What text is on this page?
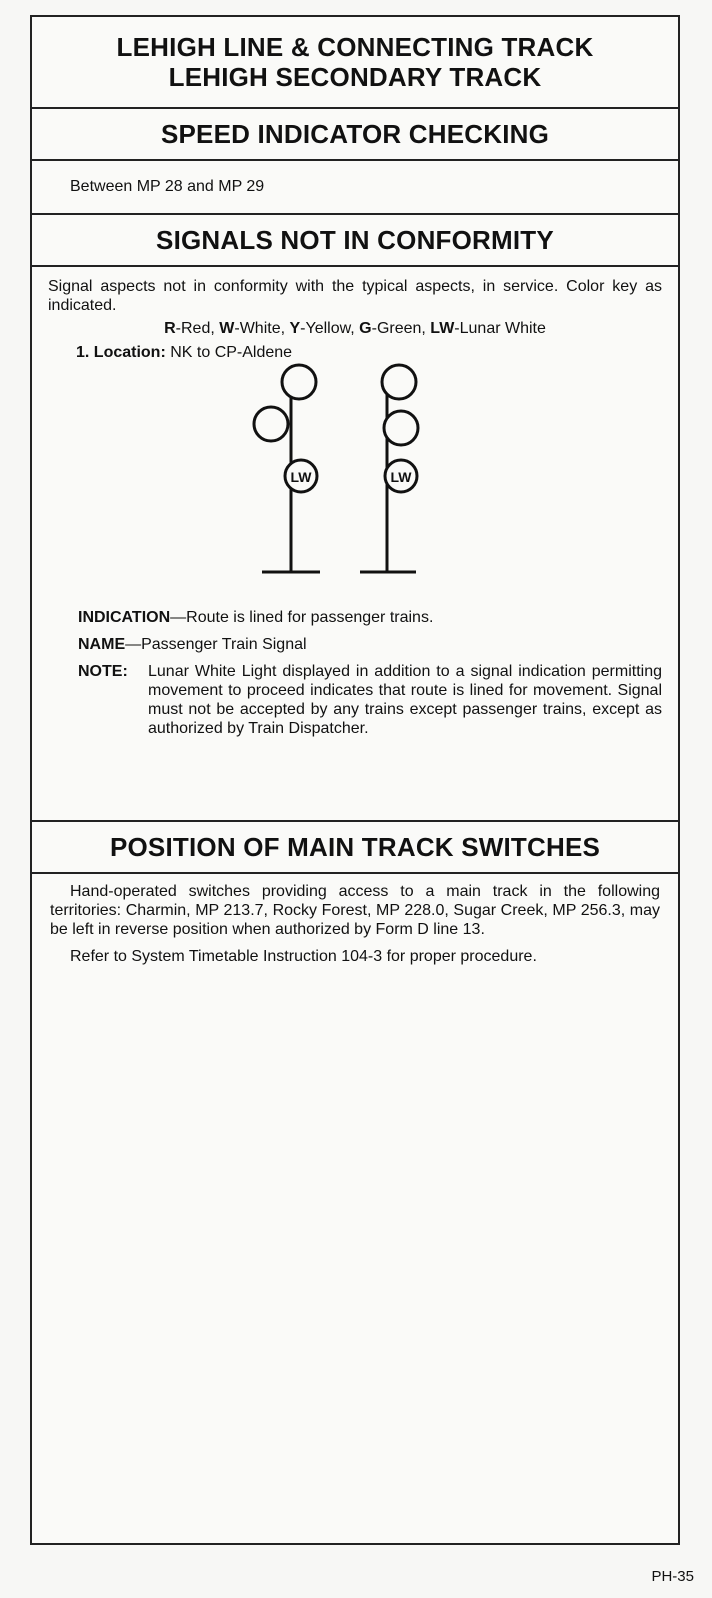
LEHIGH LINE & CONNECTING TRACK
LEHIGH SECONDARY TRACK
SPEED INDICATOR CHECKING
Between MP 28 and MP 29
SIGNALS NOT IN CONFORMITY
Signal aspects not in conformity with the typical aspects, in service. Color key as indicated.
R-Red, W-White, Y-Yellow, G-Green, LW-Lunar White
1. Location: NK to CP-Aldene
LW	LW
INDICATION—Route is lined for passenger trains.
NAME—Passenger Train Signal
NOTE:	Lunar White Light displayed in addition to a signal indication permitting movement to proceed indicates that route is lined for movement. Signal must not be accepted by any trains except passenger trains, except as authorized by Train Dispatcher.
POSITION OF MAIN TRACK SWITCHES
Hand-operated switches providing access to a main track in the following territories: Charmin, MP 213.7, Rocky Forest, MP 228.0, Sugar Creek, MP 256.3, may be left in reverse position when authorized by Form D line 13.
Refer to System Timetable Instruction 104-3 for proper procedure.
PH-35
